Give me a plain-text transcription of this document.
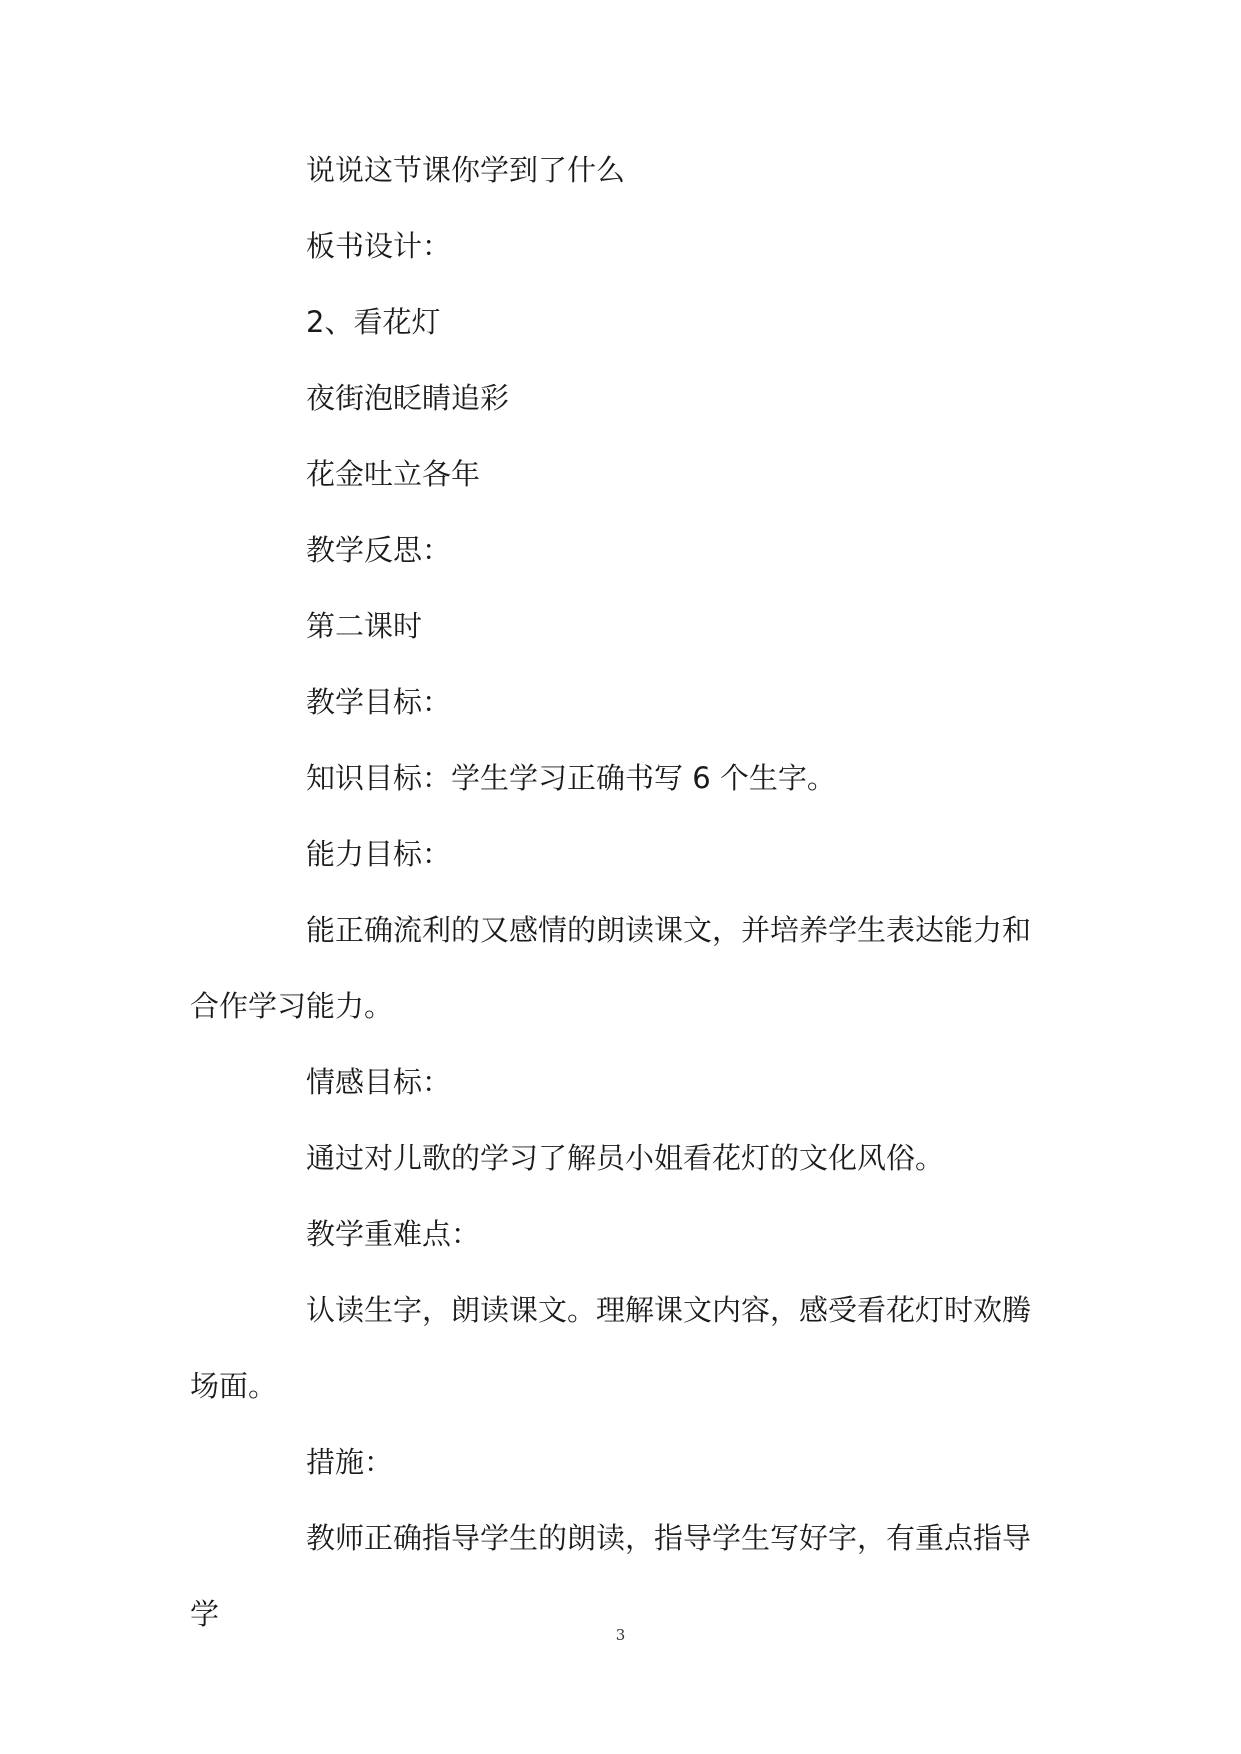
说说这节课你学到了什么

板书设计：

2、看花灯

夜街泡眨睛追彩

花金吐立各年

教学反思：

第二课时

教学目标：

知识目标：学生学习正确书写 6 个生字。

能力目标：

能正确流利的又感情的朗读课文，并培养学生表达能力和合作学习能力。

情感目标：

通过对儿歌的学习了解员小姐看花灯的文化风俗。

教学重难点：

认读生字，朗读课文。理解课文内容，感受看花灯时欢腾场面。

措施：

教师正确指导学生的朗读，指导学生写好字，有重点指导学

3
